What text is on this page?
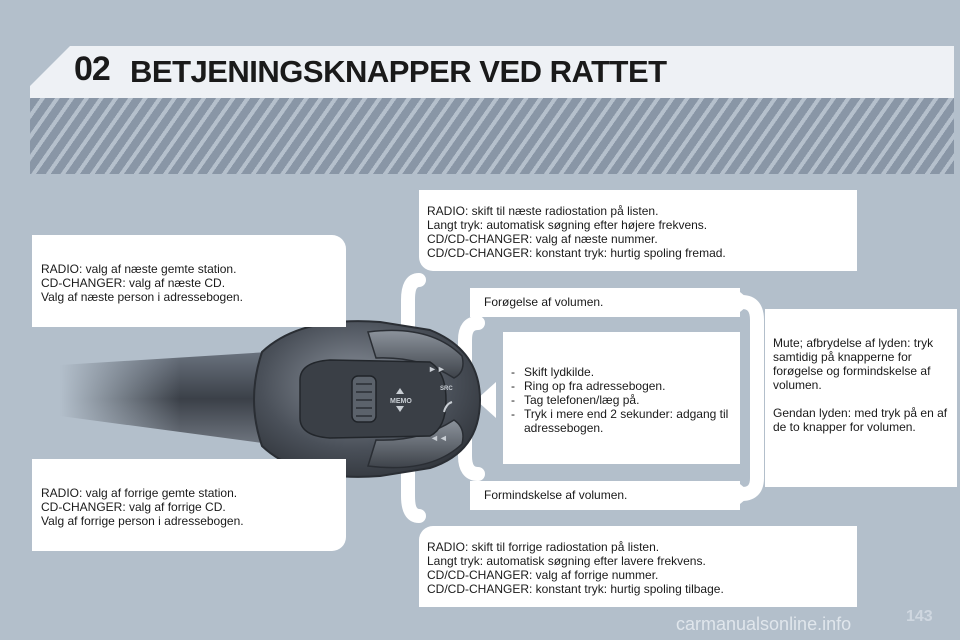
02 BETJENINGSKNAPPER VED RATTET
MEMO
►►
SRC
◄◄

RADIO: skift til næste radiostation på listen.

Langt tryk: automatisk søgning efter højere frekvens.

CD/CD-CHANGER: valg af næste nummer.

CD/CD-CHANGER: konstant tryk: hurtig spoling fremad.

RADIO: valg af næste gemte station.

CD-CHANGER: valg af næste CD.

Valg af næste person i adressebogen.	Forøgelse af volumen.

- Skift lydkilde.
- Ring op fra adressebogen.
- Tag telefonen/læg på.
- Tryk i mere end 2 sekunder: adgang til adressebogen.

Mute; afbrydelse af lyden: tryk samtidig på knapperne for forøgelse og formindskelse af volumen.

Gendan lyden: med tryk på en af de to knapper for volumen.

Formindskelse af volumen.

RADIO: valg af forrige gemte station.

CD-CHANGER: valg af forrige CD.

Valg af forrige person i adressebogen.

RADIO: skift til forrige radiostation på listen.

Langt tryk: automatisk søgning efter lavere frekvens.

CD/CD-CHANGER: valg af forrige nummer.

CD/CD-CHANGER: konstant tryk: hurtig spoling tilbage.

carmanualsonline.info	143
